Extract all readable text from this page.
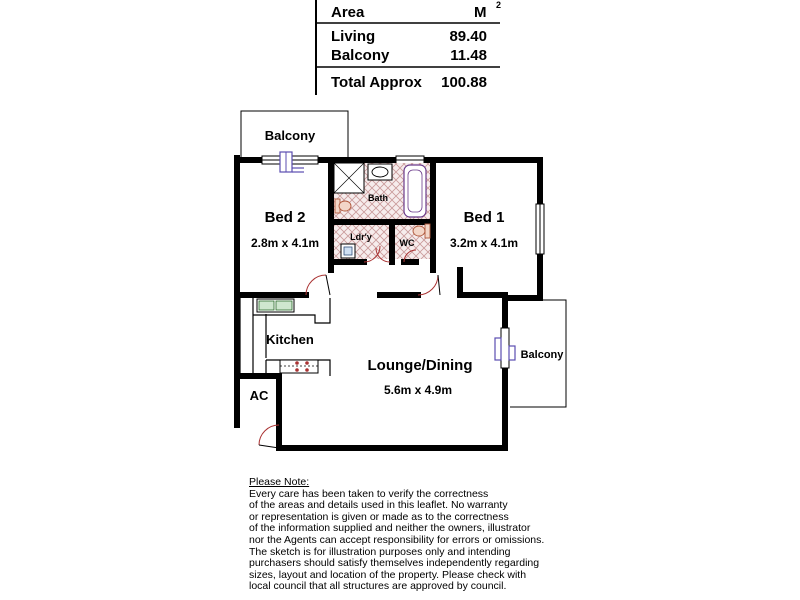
Area	M 2
Living	89.40
Balcony	11.48
Total Approx 100.88
Balcony
Bed 2
2.8m x 4.1m
Bath
Ldr'y
WC
Bed 1
3.2m x 4.1m
Kitchen
Lounge/Dining
5.6m x 4.9m
Balcony
AC
Please Note:
Every care has been taken to verify the correctness
of the areas and details used in this leaflet. No warranty
or representation is given or made as to the correctness
of the information supplied and neither the owners, illustrator
nor the Agents can accept responsibility for errors or omissions.
The sketch is for illustration purposes only and intending
purchasers should satisfy themselves independently regarding
sizes, layout and location of the property. Please check with
local council that all structures are approved by council.
